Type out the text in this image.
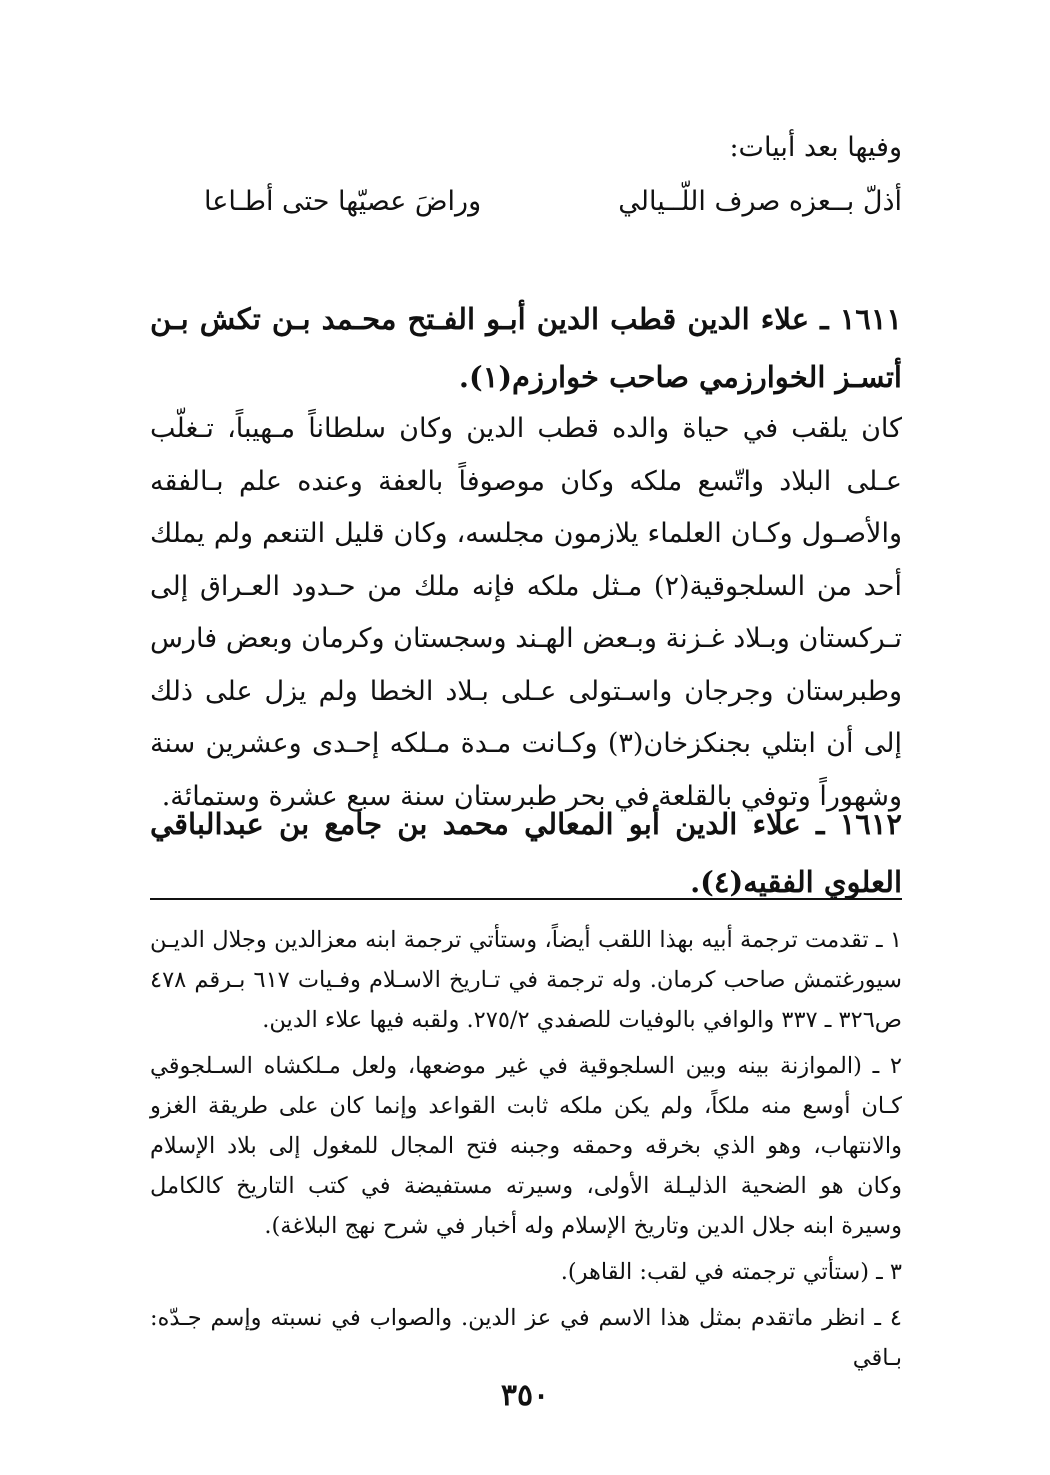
وفيها بعد أبيات:
أذلّ بــعزه صرف اللّــيالي
وراضَ عصيّها حتى أطـاعا
١٦١١ ـ علاء الدين قطب الدين أبـو الفـتح محـمد بـن تكش بـن أتسـز الخوارزمي صاحب خوارزم(١).
كان يلقب في حياة والده قطب الدين وكان سلطاناً مـهيباً، تـغلّب عـلى البلاد واتّسع ملكه وكان موصوفاً بالعفة وعنده علم بـالفقه والأصـول وكـان العلماء يلازمون مجلسه، وكان قليل التنعم ولم يملك أحد من السلجوقية(٢) مـثل ملكه فإنه ملك من حـدود العـراق إلى تـركستان وبـلاد غـزنة وبـعض الهـند وسجستان وكرمان وبعض فارس وطبرستان وجرجان واسـتولى عـلى بـلاد الخطا ولم يزل على ذلك إلى أن ابتلي بجنكزخان(٣) وكـانت مـدة مـلكه إحـدى وعشرين سنة وشهوراً وتوفي بالقلعة في بحر طبرستان سنة سبع عشرة وستمائة.
١٦١٢ ـ علاء الدين أبو المعالي محمد بن جامع بن عبدالباقي العلوي الفقيه(٤).

١ ـ تقدمت ترجمة أبيه بهذا اللقب أيضاً، وستأتي ترجمة ابنه معزالدين وجلال الديـن سيورغتمش صاحب كرمان. وله ترجمة في تـاريخ الاسـلام وفـيات ٦١٧ بـرقم ٤٧٨ ص٣٢٦ ـ ٣٣٧ والوافي بالوفيات للصفدي ٢٧٥/٢. ولقبه فيها علاء الدين.

٢ ـ (الموازنة بينه وبين السلجوقية في غير موضعها، ولعل مـلكشاه السـلجوقي كـان أوسع منه ملكاً، ولم يكن ملكه ثابت القواعد وإنما كان على طريقة الغزو والانتهاب، وهو الذي بخرقه وحمقه وجبنه فتح المجال للمغول إلى بلاد الإسلام وكان هو الضحية الذليـلة الأولى، وسيرته مستفيضة في كتب التاريخ كالكامل وسيرة ابنه جلال الدين وتاريخ الإسلام وله أخبار في شرح نهج البلاغة).

٣ ـ (ستأتي ترجمته في لقب: القاهر).

٤ ـ انظر ماتقدم بمثل هذا الاسم في عز الدين. والصواب في نسبته وإسم جـدّه: بـاقي

٣٥٠
